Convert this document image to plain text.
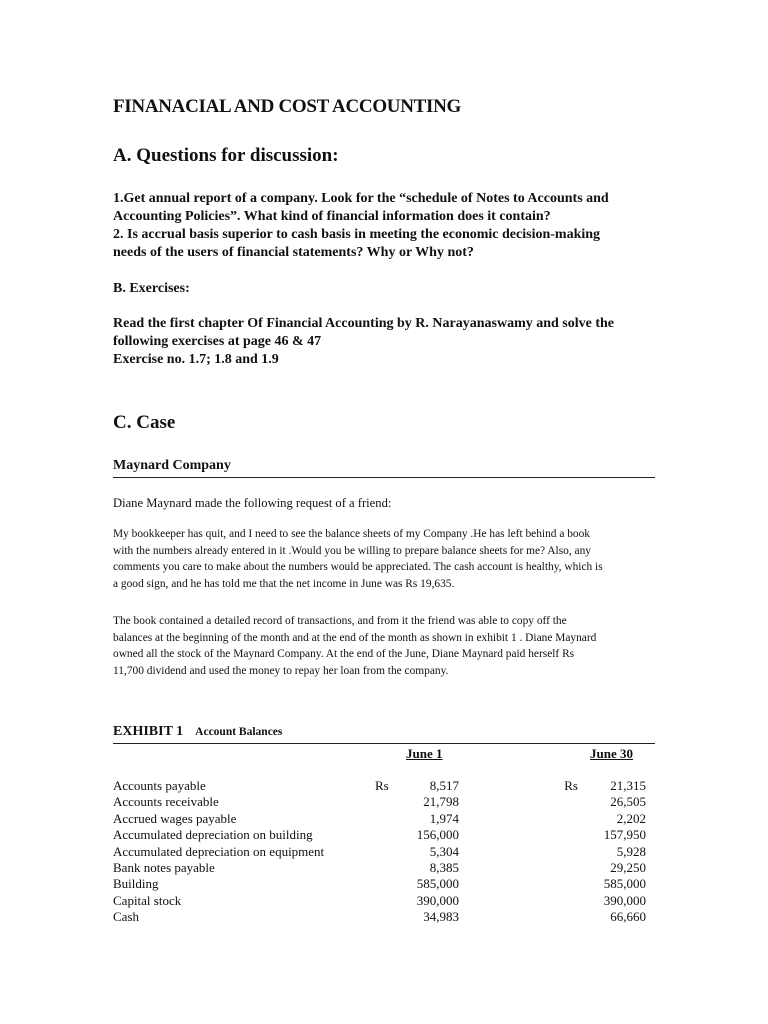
FINANACIAL AND COST ACCOUNTING
A. Questions for discussion:
1.Get annual report of a company. Look for the “schedule of Notes to Accounts and
Accounting Policies”. What kind of financial information does it contain?
2. Is accrual basis superior to cash basis in meeting the economic decision-making
needs of the users of financial statements? Why or Why not?
B. Exercises:
Read the first chapter Of Financial Accounting by R. Narayanaswamy and solve the
following exercises at page 46 & 47
Exercise no. 1.7; 1.8 and 1.9
C. Case
Maynard Company
Diane Maynard made the following request of a friend:
My bookkeeper has quit, and I need to see the balance sheets of my Company .He has left behind a book
with the numbers already entered in it .Would you be willing to prepare balance sheets for me? Also, any
comments you care to make about the numbers would be appreciated. The cash account is healthy, which is
a good sign, and he has told me that the net income in June was Rs 19,635.
The book contained a detailed record of transactions, and from it the friend was able to copy off the
balances at the beginning of the month and at the end of the month as shown in exhibit 1 . Diane Maynard
owned all the stock of the Maynard Company. At the end of the June, Diane Maynard paid herself Rs
11,700 dividend and used the money to repay her loan from the company.
EXHIBIT 1 Account Balances
June 1	June 30
Accounts payable	Rs	8,517	Rs	21,315
Accounts receivable		21,798		26,505
Accrued wages payable		1,974		2,202
Accumulated depreciation on building		156,000		157,950
Accumulated depreciation on equipment		5,304		5,928
Bank notes payable		8,385		29,250
Building		585,000		585,000
Capital stock		390,000		390,000
Cash		34,983		66,660
